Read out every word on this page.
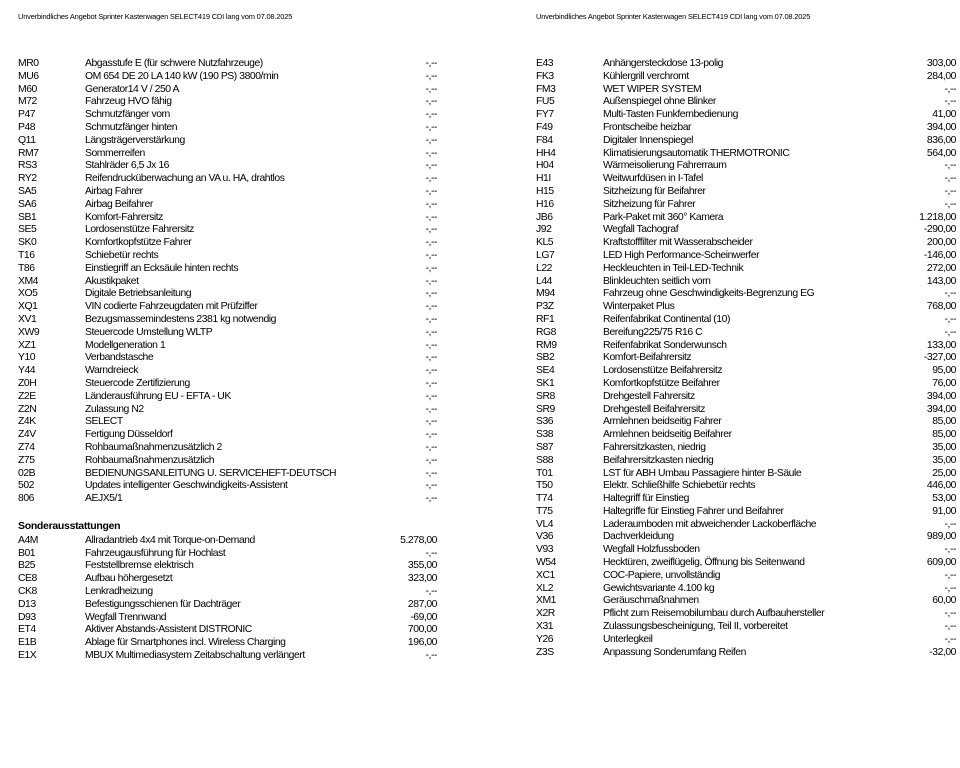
Unverbindliches Angebot Sprinter Kastenwagen SELECT419 CDI lang vom 07.08.2025	Unverbindliches Angebot Sprinter Kastenwagen SELECT419 CDI lang vom 07.08.2025
MR0	Abgasstufe E (für schwere Nutzfahrzeuge)	-,--
MU6	OM 654 DE 20 LA 140 kW (190 PS) 3800/min	-,--
M60	Generator14 V / 250 A	-,--
M72	Fahrzeug HVO fähig	-,--
P47	Schmutzfänger vorn	-,--
P48	Schmutzfänger hinten	-,--
Q11	Längsträgerverstärkung	-,--
RM7	Sommerreifen	-,--
RS3	Stahlräder 6,5 Jx 16	-,--
RY2	Reifendrucküberwachung an VA u. HA, drahtlos	-,--
SA5	Airbag Fahrer	-,--
SA6	Airbag Beifahrer	-,--
SB1	Komfort-Fahrersitz	-,--
SE5	Lordosenstütze Fahrersitz	-,--
SK0	Komfortkopfstütze Fahrer	-,--
T16	Schiebetür rechts	-,--
T86	Einstiegriff an Ecksäule hinten rechts	-,--
XM4	Akustikpaket	-,--
XO5	Digitale Betriebsanleitung	-,--
XQ1	VIN codierte Fahrzeugdaten mit Prüfziffer	-,--
XV1	Bezugsmassemindestens 2381 kg notwendig	-,--
XW9	Steuercode Umstellung WLTP	-,--
XZ1	Modellgeneration 1	-,--
Y10	Verbandstasche	-,--
Y44	Warndreieck	-,--
Z0H	Steuercode Zertifizierung	-,--
Z2E	Länderausführung EU - EFTA - UK	-,--
Z2N	Zulassung N2	-,--
Z4K	SELECT	-,--
Z4V	Fertigung Düsseldorf	-,--
Z74	Rohbaumaßnahmenzusätzlich 2	-,--
Z75	Rohbaumaßnahmenzusätzlich	-,--
02B	BEDIENUNGSANLEITUNG U. SERVICEHEFT-DEUTSCH	-,--
502	Updates intelligenter Geschwindigkeits-Assistent	-,--
806	AEJX5/1	-,--
Sonderausstattungen
A4M	Allradantrieb 4x4 mit Torque-on-Demand	5.278,00
B01	Fahrzeugausführung für Hochlast	-,--
B25	Feststellbremse elektrisch	355,00
CE8	Aufbau höhergesetzt	323,00
CK8	Lenkradheizung	-,--
D13	Befestigungsschienen für Dachträger	287,00
D93	Wegfall Trennwand	-69,00
ET4	Aktiver Abstands-Assistent DISTRONIC	700,00
E1B	Ablage für Smartphones incl. Wireless Charging	196,00
E1X	MBUX Multimediasystem Zeitabschaltung verlängert	-,--
E43	Anhängersteckdose 13-polig	303,00
FK3	Kühlergrill verchromt	284,00
FM3	WET WIPER SYSTEM	-,--
FU5	Außenspiegel ohne Blinker	-,--
FY7	Multi-Tasten Funkfernbedienung	41,00
F49	Frontscheibe heizbar	394,00
F84	Digitaler Innenspiegel	836,00
HH4	Klimatisierungsautomatik THERMOTRONIC	564,00
H04	Wärmeisolierung Fahrerraum	-,--
H1I	Weitwurfdüsen in I-Tafel	-,--
H15	Sitzheizung für Beifahrer	-,--
H16	Sitzheizung für Fahrer	-,--
JB6	Park-Paket mit 360° Kamera	1.218,00
J92	Wegfall Tachograf	-290,00
KL5	Kraftstofffilter mit Wasserabscheider	200,00
LG7	LED High Performance-Scheinwerfer	-146,00
L22	Heckleuchten in Teil-LED-Technik	272,00
L44	Blinkleuchten seitlich vorn	143,00
M94	Fahrzeug ohne Geschwindigkeits-Begrenzung EG	-,--
P3Z	Winterpaket Plus	768,00
RF1	Reifenfabrikat Continental (10)	-,--
RG8	Bereifung225/75 R16 C	-,--
RM9	Reifenfabrikat Sonderwunsch	133,00
SB2	Komfort-Beifahrersitz	-327,00
SE4	Lordosenstütze Beifahrersitz	95,00
SK1	Komfortkopfstütze Beifahrer	76,00
SR8	Drehgestell Fahrersitz	394,00
SR9	Drehgestell Beifahrersitz	394,00
S36	Armlehnen beidseitig Fahrer	85,00
S38	Armlehnen beidseitig Beifahrer	85,00
S87	Fahrersitzkasten, niedrig	35,00
S88	Beifahrersitzkasten niedrig	35,00
T01	LST für ABH Umbau Passagiere hinter B-Säule	25,00
T50	Elektr. Schließhilfe Schiebetür rechts	446,00
T74	Haltegriff für Einstieg	53,00
T75	Haltegriffe für Einstieg Fahrer und Beifahrer	91,00
VL4	Laderaumboden mit abweichender Lackoberfläche	-,--
V36	Dachverkleidung	989,00
V93	Wegfall Holzfussboden	-,--
W54	Hecktüren, zweiflügelig, Öffnung bis Seitenwand	609,00
XC1	COC-Papiere, unvollständig	-,--
XL2	Gewichtsvariante 4.100 kg	-,--
XM1	Geräuschmaßnahmen	60,00
X2R	Pflicht zum Reisemobilumbau durch Aufbauhersteller	-,--
X31	Zulassungsbescheinigung, Teil II, vorbereitet	-,--
Y26	Unterlegkeil	-,--
Z3S	Anpassung Sonderumfang Reifen	-32,00
